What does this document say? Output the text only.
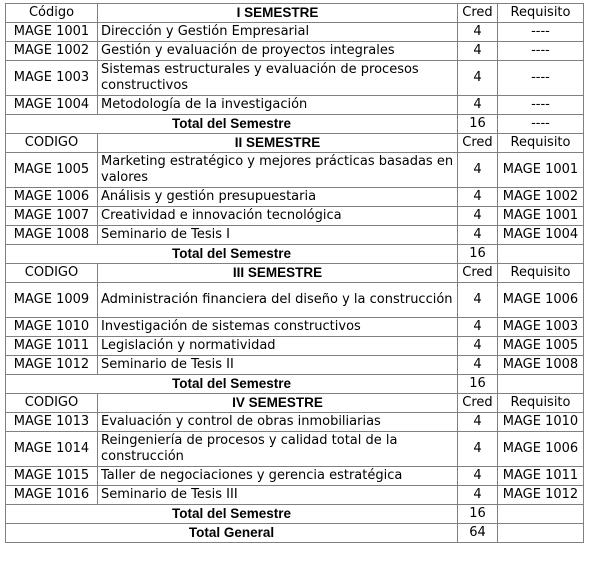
Código	I SEMESTRE	Cred	Requisito
MAGE 1001	Dirección y Gestión Empresarial	4	----
MAGE 1002	Gestión y evaluación de proyectos integrales	4	----
MAGE 1003	Sistemas estructurales y evaluación de procesos constructivos	4	----
MAGE 1004	Metodología de la investigación	4	----
Total del Semestre		16	----
CODIGO	II SEMESTRE	Cred	Requisito
MAGE 1005	Marketing estratégico y mejores prácticas basadas en valores	4	MAGE 1001
MAGE 1006	Análisis y gestión presupuestaria	4	MAGE 1002
MAGE 1007	Creatividad e innovación tecnológica	4	MAGE 1001
MAGE 1008	Seminario de Tesis I	4	MAGE 1004
Total del Semestre		16	
CODIGO	III SEMESTRE	Cred	Requisito
MAGE 1009	Administración financiera del diseño y la construcción	4	MAGE 1006
MAGE 1010	Investigación de sistemas constructivos	4	MAGE 1003
MAGE 1011	Legislación y normatividad	4	MAGE 1005
MAGE 1012	Seminario de Tesis II	4	MAGE 1008
Total del Semestre		16	
CODIGO	IV SEMESTRE	Cred	Requisito
MAGE 1013	Evaluación y control de obras inmobiliarias	4	MAGE 1010
MAGE 1014	Reingeniería de procesos y calidad total de la construcción	4	MAGE 1006
MAGE 1015	Taller de negociaciones y gerencia estratégica	4	MAGE 1011
MAGE 1016	Seminario de Tesis III	4	MAGE 1012
Total del Semestre		16	
Total General		64	
